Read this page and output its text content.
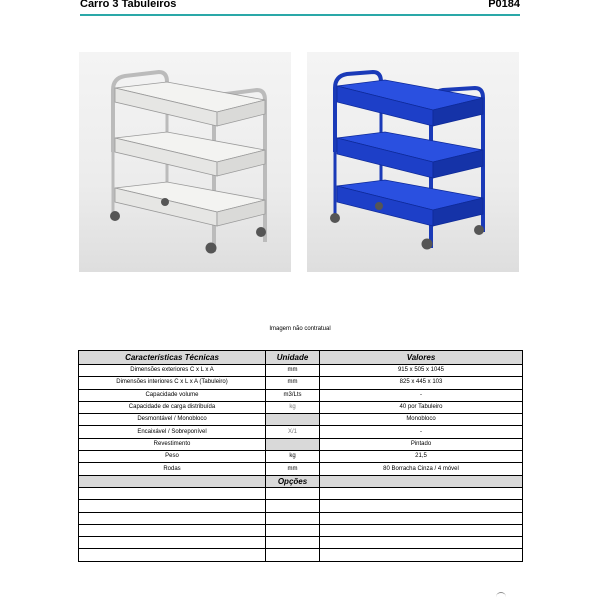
Carro 3 Tabuleiros	P0184
Imagem não contratual
Características Técnicas	Unidade	Valores
Dimensões exteriores C x L x A	mm	915 x 505 x 1045
Dimensões interiores C x L x A (Tabuleiro)	mm	825 x 445 x 103
Capacidade volume	m3/Lts	-
Capacidade de carga distribuída	kg	40 por Tabuleiro
Desmontável / Monobloco		Monobloco
Encaixável / Sobreponível	X/1	-
Revestimento		Pintado
Peso	kg	21,5
Rodas	mm	80 Borracha Cinza / 4 móvel
	Opções	
